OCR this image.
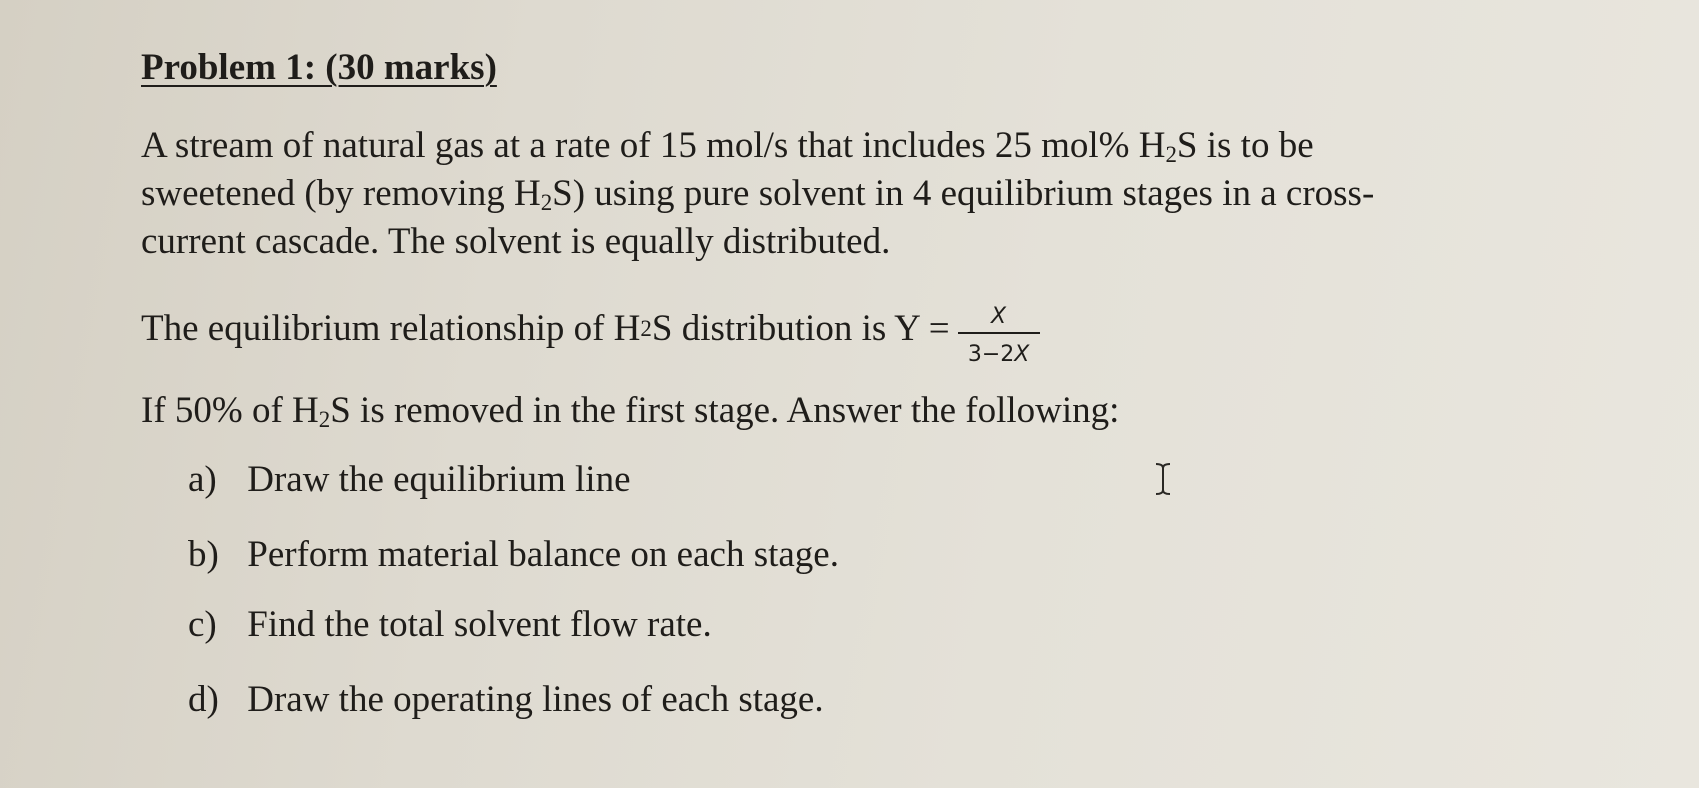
Problem 1: (30 marks)
A stream of natural gas at a rate of 15 mol/s that includes 25 mol% $H_2S$ is to be
sweetened (by removing $H_2S$) using pure solvent in 4 equilibrium stages in a cross-
current cascade. The solvent is equally distributed.
The equilibrium relationship of H 2 S distribution is $Y = \frac{X}{3-2X}$
If 50% of $H_2S$ is removed in the first stage. Answer the following:
a) Draw the equilibrium line
b) Perform material balance on each stage.
c) Find the total solvent flow rate.
d) Draw the operating lines of each stage.
